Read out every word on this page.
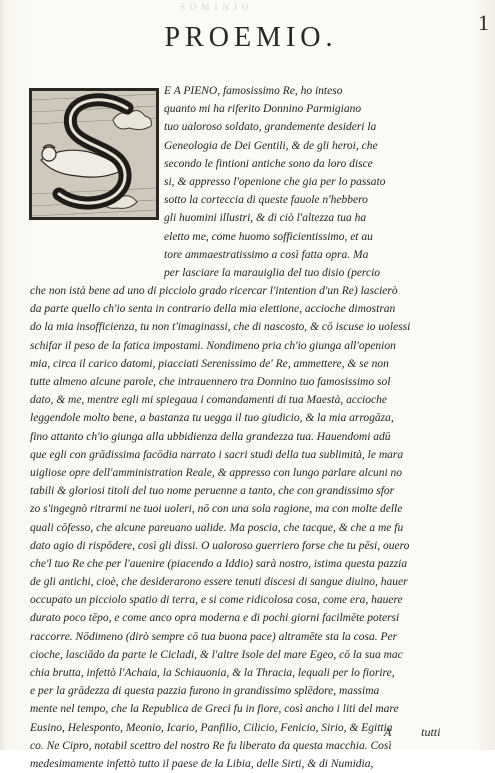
SOMINIO
PROEMIO.	1
E A PIENO, famosissimo Re, ho inteso
quanto mi ha riferito Donnino Parmigiano
tuo ualoroso soldato, grandemente desideri la
Geneologia de Dei Gentili, & de gli heroi, che
secondo le fintioni antiche sono da loro disce
si, & appresso l'openione che gia per lo passato
sotto la corteccia di queste fauole n'hebbero
gli huomini illustri, & di ciò l'altezza tua ha
eletto me, come huomo sofficientissimo, et au
tore ammaestratissimo a così fatta opra. Ma
per lasciare la marauiglia del tuo disio (percio
che non istà bene ad uno di picciolo grado ricercar l'intention d'un Re) lascierò
da parte quello ch'io senta in contrario della mia elettione, accioche dimostran
do la mia insofficienza, tu non t'imaginassi, che di nascosto, & cō iscuse io uolessi
schifar il peso de la fatica impostami. Nondimeno pria ch'io giunga all'openion
mia, circa il carico datomi, piacciati Serenissimo de' Re, ammettere, & se non
tutte almeno alcune parole, che intrauennero tra Donnino tuo famosissimo sol
dato, & me, mentre egli mi spiegaua i comandamenti di tua Maestà, accioche
leggendole molto bene, a bastanza tu uegga il tuo giudicio, & la mia arrogāza,
fino attanto ch'io giunga alla ubbidienza della grandezza tua. Hauendomi adū
que egli con grādissima facōdia narrato i sacri studi della tua sublimità, le mara
uigliose opre dell'amministration Reale, & appresso con lungo parlare alcuni no
tabili & gloriosi titoli del tuo nome peruenne a tanto, che con grandissimo sfor
zo s'ingegnò ritrarmi ne tuoi uoleri, nō con una sola ragione, ma con molte delle
quali cōfesso, che alcune pareuano ualide. Ma poscia, che tacque, & che a me fu
dato agio di rispōdere, così gli dissi. O ualoroso guerriero forse che tu pēsi, ouero
che'l tuo Re che per l'auenire (piacendo a Iddio) sarà nostro, istima questa pazzia
de gli antichi, cioè, che desiderarono essere tenuti discesi di sangue diuino, hauer
occupato un picciolo spatio di terra, e si come ridicolosa cosa, come era, hauere
durato poco tēpo, e come anco opra moderna e di pochi giorni facilmēte potersi
raccorre. Nōdimeno (dirò sempre cō tua buona pace) altramēte sta la cosa. Per
cioche, lasciādo da parte le Cicladi, & l'altre Isole del mare Egeo, cō la sua mac
chia brutta, infettò l'Achaia, la Schiauonia, & la Thracia, lequali per lo fiorire,
e per la grādezza di questa pazzia furono in grandissimo splēdore, massima
mente nel tempo, che la Republica de Greci fu in fiore, così ancho i liti del mare
Eusino, Helesponto, Meonio, Icario, Panfilio, Cilicio, Fenicio, Sirio, & Egittia
co. Ne Cipro, notabil scettro del nostro Re fu liberato da questa macchia. Così
medesimamente infettò tutto il paese de la Libia, delle Sirti, & di Numidia,
A          tutti
